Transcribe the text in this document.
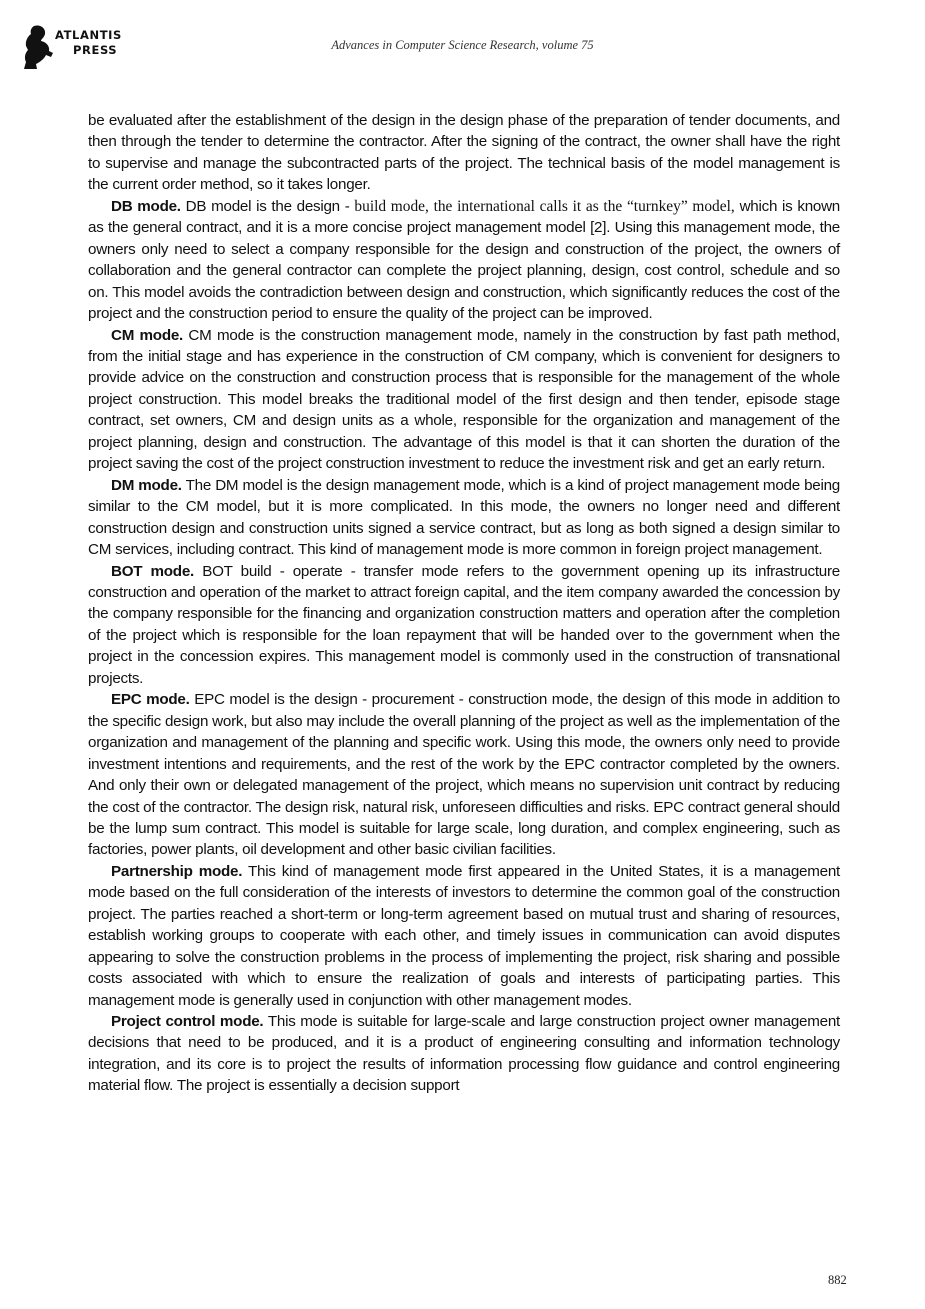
ATLANTIS
PRESS	Advances in Computer Science Research, volume 75

be evaluated after the establishment of the design in the design phase of the preparation of tender documents, and then through the tender to determine the contractor. After the signing of the contract, the owner shall have the right to supervise and manage the subcontracted parts of the project. The technical basis of the model management is the current order method, so it takes longer.

DB mode. DB model is the design - build mode, the international calls it as the “turnkey” model, which is known as the general contract, and it is a more concise project management model [2]. Using this management mode, the owners only need to select a company responsible for the design and construction of the project, the owners of collaboration and the general contractor can complete the project planning, design, cost control, schedule and so on. This model avoids the contradiction between design and construction, which significantly reduces the cost of the project and the construction period to ensure the quality of the project can be improved.

CM mode. CM mode is the construction management mode, namely in the construction by fast path method, from the initial stage and has experience in the construction of CM company, which is convenient for designers to provide advice on the construction and construction process that is responsible for the management of the whole project construction. This model breaks the traditional model of the first design and then tender, episode stage contract, set owners, CM and design units as a whole, responsible for the organization and management of the project planning, design and construction. The advantage of this model is that it can shorten the duration of the project saving the cost of the project construction investment to reduce the investment risk and get an early return.

DM mode. The DM model is the design management mode, which is a kind of project management mode being similar to the CM model, but it is more complicated. In this mode, the owners no longer need and different construction design and construction units signed a service contract, but as long as both signed a design similar to CM services, including contract. This kind of management mode is more common in foreign project management.

BOT mode. BOT build - operate - transfer mode refers to the government opening up its infrastructure construction and operation of the market to attract foreign capital, and the item company awarded the concession by the company responsible for the financing and organization construction matters and operation after the completion of the project which is responsible for the loan repayment that will be handed over to the government when the project in the concession expires. This management model is commonly used in the construction of transnational projects.

EPC mode. EPC model is the design - procurement - construction mode, the design of this mode in addition to the specific design work, but also may include the overall planning of the project as well as the implementation of the organization and management of the planning and specific work. Using this mode, the owners only need to provide investment intentions and requirements, and the rest of the work by the EPC contractor completed by the owners. And only their own or delegated management of the project, which means no supervision unit contract by reducing the cost of the contractor. The design risk, natural risk, unforeseen difficulties and risks. EPC contract general should be the lump sum contract. This model is suitable for large scale, long duration, and complex engineering, such as factories, power plants, oil development and other basic civilian facilities.

Partnership mode. This kind of management mode first appeared in the United States, it is a management mode based on the full consideration of the interests of investors to determine the common goal of the construction project. The parties reached a short-term or long-term agreement based on mutual trust and sharing of resources, establish working groups to cooperate with each other, and timely issues in communication can avoid disputes appearing to solve the construction problems in the process of implementing the project, risk sharing and possible costs associated with which to ensure the realization of goals and interests of participating parties. This management mode is generally used in conjunction with other management modes.

Project control mode. This mode is suitable for large-scale and large construction project owner management decisions that need to be produced, and it is a product of engineering consulting and information technology integration, and its core is to project the results of information processing flow guidance and control engineering material flow. The project is essentially a decision support

882
